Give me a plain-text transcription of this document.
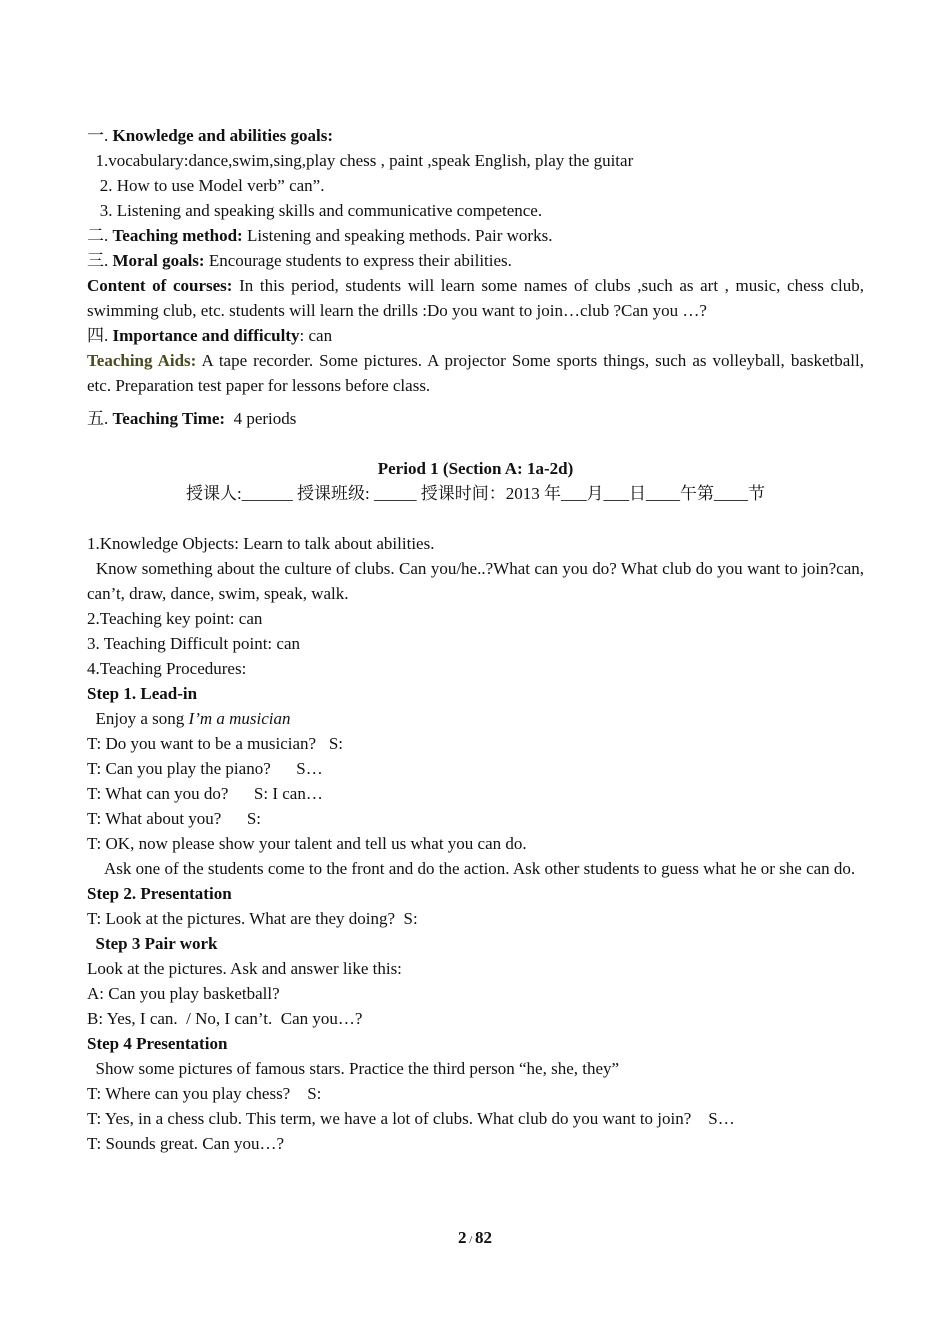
一. Knowledge and abilities goals:

1.vocabulary:dance,swim,sing,play chess , paint ,speak English, play the guitar

2. How to use Model verb” can”.

3. Listening and speaking skills and communicative competence.

二. Teaching method: Listening and speaking methods. Pair works.

三. Moral goals: Encourage students to express their abilities.

Content of courses: In this period, students will learn some names of clubs ,such as art , music, chess club, swimming club, etc. students will learn the drills :Do you want to join…club ?Can you …?

四. Importance and difficulty: can

Teaching Aids: A tape recorder. Some pictures. A projector Some sports things, such as volleyball, basketball, etc. Preparation test paper for lessons before class.

五. Teaching Time:  4 periods

Period 1 (Section A: 1a-2d)

授课人:______ 授课班级: _____ 授课时间：2013 年___月___日____午第____节

1.Knowledge Objects: Learn to talk about abilities.

Know something about the culture of clubs. Can you/he..?What can you do? What club do you want to join?can, can’t, draw, dance, swim, speak, walk.

2.Teaching key point: can

3. Teaching Difficult point: can

4.Teaching Procedures:

Step 1. Lead-in

Enjoy a song I’m a musician

T: Do you want to be a musician?   S:

T: Can you play the piano?      S…

T: What can you do?      S: I can…

T: What about you?      S:

T: OK, now please show your talent and tell us what you can do.

Ask one of the students come to the front and do the action. Ask other students to guess what he or she can do.

Step 2. Presentation

T: Look at the pictures. What are they doing?  S:

Step 3 Pair work

Look at the pictures. Ask and answer like this:

A: Can you play basketball?

B: Yes, I can.  / No, I can’t.  Can you…?

Step 4 Presentation

Show some pictures of famous stars. Practice the third person “he, she, they”

T: Where can you play chess?    S:

T: Yes, in a chess club. This term, we have a lot of clubs. What club do you want to join?    S…

T: Sounds great. Can you…?

2 / 82
